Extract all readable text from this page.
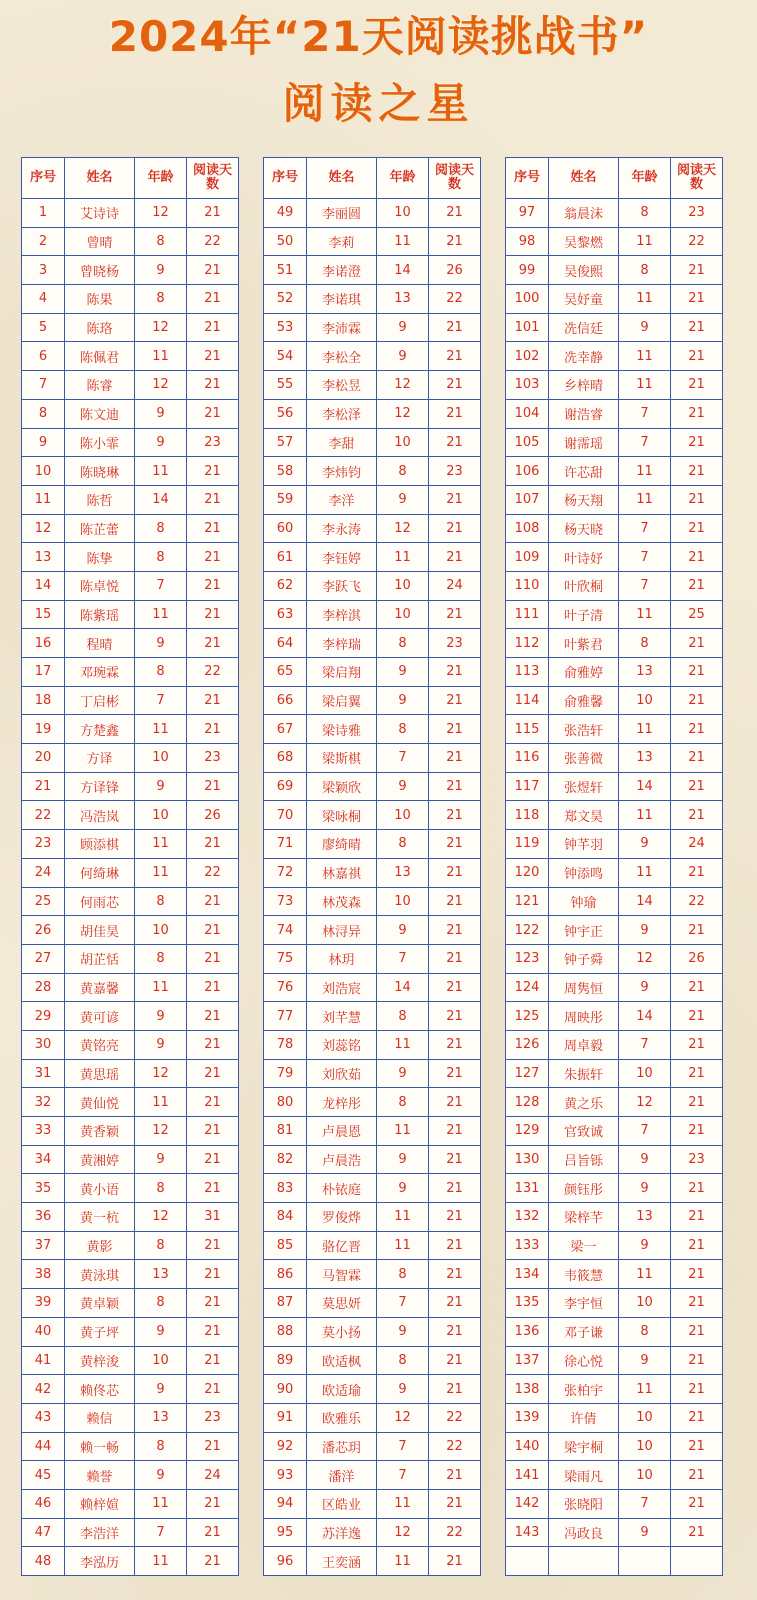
2024年“21天阅读挑战书”
阅读之星
序号	姓名	年龄	阅读天数
1	艾诗诗	12	21
2	曾晴	8	22
3	曾晓杨	9	21
4	陈果	8	21
5	陈珞	12	21
6	陈佩君	11	21
7	陈睿	12	21
8	陈文迪	9	21
9	陈小霏	9	23
10	陈晓琳	11	21
11	陈哲	14	21
12	陈芷蕾	8	21
13	陈挚	8	21
14	陈卓悦	7	21
15	陈紫瑶	11	21
16	程晴	9	21
17	邓琬霖	8	22
18	丁启彬	7	21
19	方楚鑫	11	21
20	方译	10	23
21	方译锋	9	21
22	冯浩岚	10	26
23	顾添棋	11	21
24	何绮琳	11	22
25	何雨芯	8	21
26	胡佳昊	10	21
27	胡芷恬	8	21
28	黄嘉馨	11	21
29	黄可谚	9	21
30	黄铭亮	9	21
31	黄思瑶	12	21
32	黄仙悦	11	21
33	黄香颖	12	21
34	黄湘婷	9	21
35	黄小语	8	21
36	黄一杭	12	31
37	黄影	8	21
38	黄泳琪	13	21
39	黄卓颖	8	21
40	黄子坪	9	21
41	黄梓浚	10	21
42	赖佟芯	9	21
43	赖信	13	23
44	赖一畅	8	21
45	赖誉	9	24
46	赖梓媗	11	21
47	李浩洋	7	21
48	李泓历	11	21
序号	姓名	年龄	阅读天数
49	李丽圆	10	21
50	李莉	11	21
51	李诺澄	14	26
52	李诺琪	13	22
53	李沛霖	9	21
54	李松全	9	21
55	李松昱	12	21
56	李松泽	12	21
57	李甜	10	21
58	李炜钧	8	23
59	李洋	9	21
60	李永涛	12	21
61	李钰婷	11	21
62	李跃飞	10	24
63	李梓淇	10	21
64	李梓瑞	8	23
65	梁启翔	9	21
66	梁启翼	9	21
67	梁诗雅	8	21
68	梁斯棋	7	21
69	梁颖欣	9	21
70	梁咏桐	10	21
71	廖绮晴	8	21
72	林嘉祺	13	21
73	林茂森	10	21
74	林浔异	9	21
75	林玥	7	21
76	刘浩宸	14	21
77	刘芊慧	8	21
78	刘蕊铭	11	21
79	刘欣茹	9	21
80	龙梓彤	8	21
81	卢晨恩	11	21
82	卢晨浩	9	21
83	朴铱庭	9	21
84	罗俊烨	11	21
85	骆亿晋	11	21
86	马智霖	8	21
87	莫思妍	7	21
88	莫小扬	9	21
89	欧适枫	8	21
90	欧适瑜	9	21
91	欧雅乐	12	22
92	潘芯玥	7	22
93	潘洋	7	21
94	区皓业	11	21
95	苏洋逸	12	22
96	王奕涵	11	21
序号	姓名	年龄	阅读天数
97	翁晨沫	8	23
98	吴黎燃	11	22
99	吴俊熙	8	21
100	吴妤童	11	21
101	冼信廷	9	21
102	冼幸静	11	21
103	乡梓晴	11	21
104	谢浩睿	7	21
105	谢霈瑶	7	21
106	许芯甜	11	21
107	杨天翔	11	21
108	杨天晓	7	21
109	叶诗妤	7	21
110	叶欣桐	7	21
111	叶子清	11	25
112	叶紫君	8	21
113	俞雅婷	13	21
114	俞雅馨	10	21
115	张浩轩	11	21
116	张善微	13	21
117	张煜轩	14	21
118	郑文昊	11	21
119	钟芊羽	9	24
120	钟添鸣	11	21
121	钟瑜	14	22
122	钟宇正	9	21
123	钟子舜	12	26
124	周隽恒	9	21
125	周映彤	14	21
126	周卓毅	7	21
127	朱振轩	10	21
128	黄之乐	12	21
129	官致诚	7	21
130	吕旨铄	9	23
131	颜钰彤	9	21
132	梁梓芊	13	21
133	梁一	9	21
134	韦筱慧	11	21
135	李宇恒	10	21
136	邓子谦	8	21
137	徐心悦	9	21
138	张柏宇	11	21
139	许倩	10	21
140	梁宇桐	10	21
141	梁雨凡	10	21
142	张晓阳	7	21
143	冯政良	9	21
